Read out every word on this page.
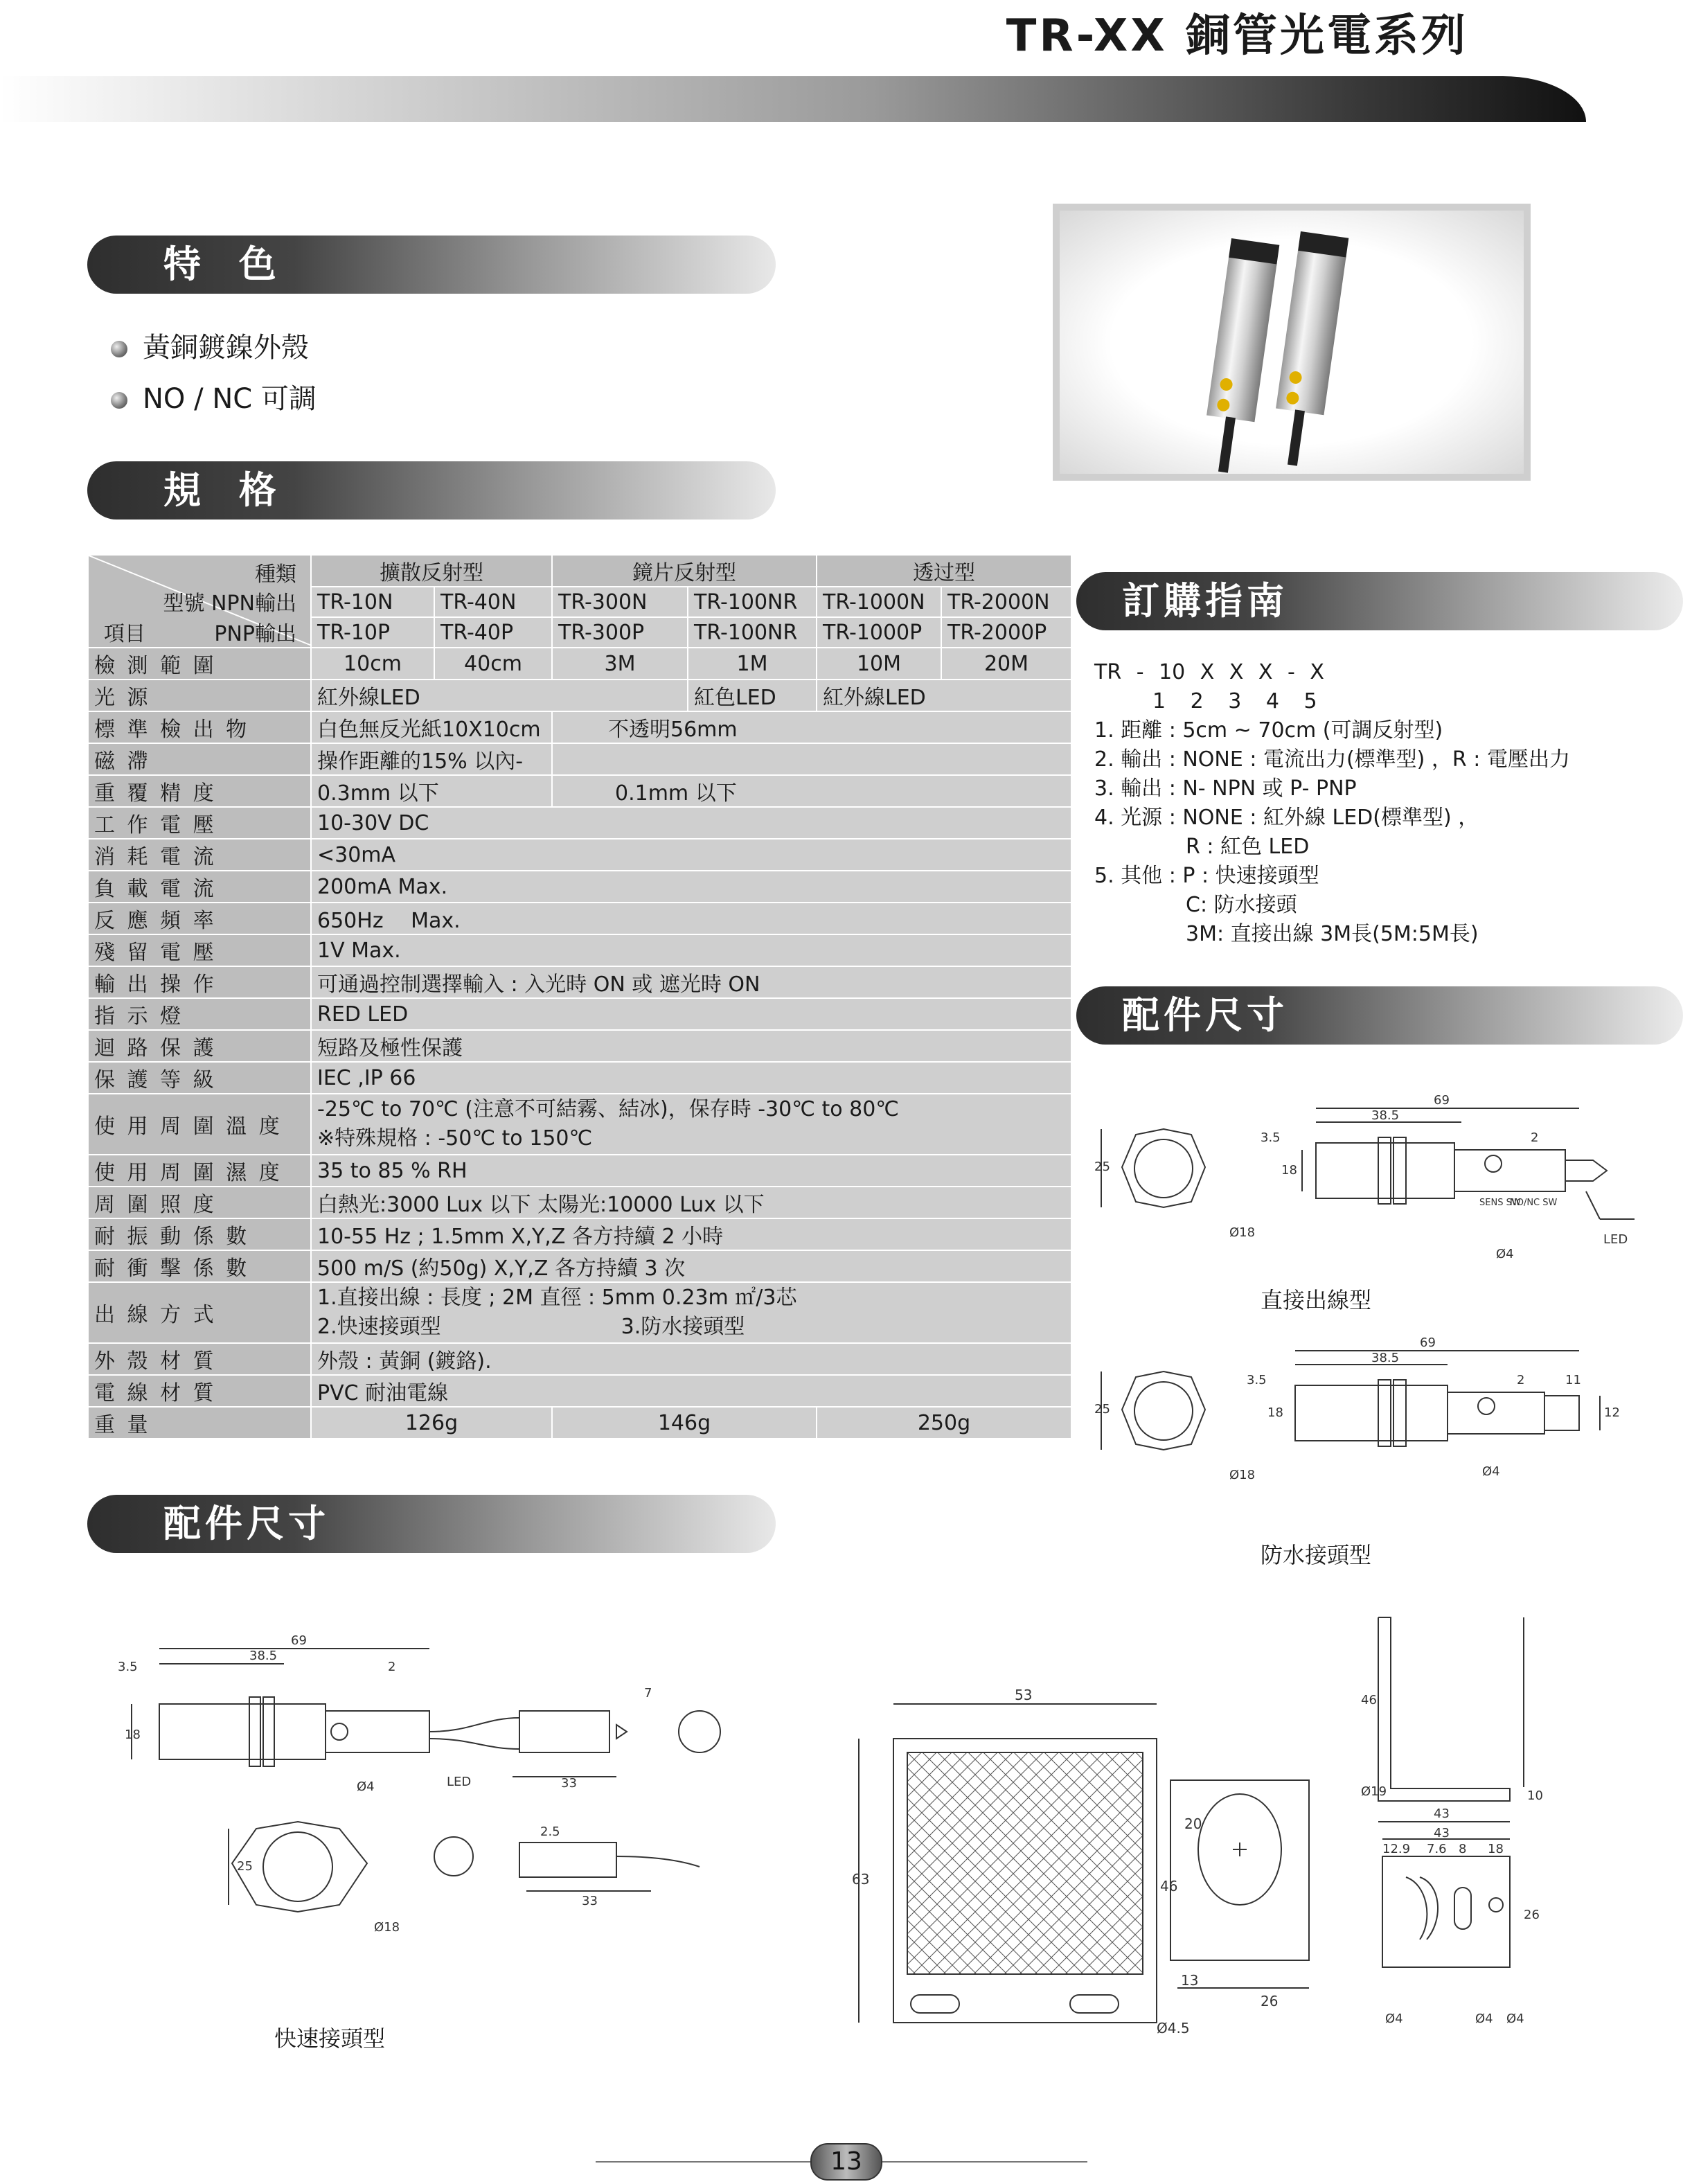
TR-XX 銅管光電系列
特 色
黃銅鍍鎳外殼
NO / NC 可調
規 格
種類
型號 NPN輸出
項目 PNP輸出	擴散反射型		鏡片反射型		透过型	
	TR-10N	TR-40N	TR-300N	TR-100NR	TR-1000N	TR-2000N
	TR-10P	TR-40P	TR-300P	TR-100NR	TR-1000P	TR-2000P
檢 測 範 圍	10cm	40cm	3M	1M	10M	20M
光 源	紅外線LED			紅色LED	紅外線LED	
標 準 檢 出 物	白色無反光紙10X10cm		不透明56mm			
磁 滯	操作距離的15% 以內-					
重 覆 精 度	0.3mm 以下		0.1mm 以下			
工 作 電 壓	10-30V DC					
消 耗 電 流	<30mA					
負 載 電 流	200mA Max.					
反 應 頻 率	650Hz　 Max.					
殘 留 電 壓	1V Max.					
輸 出 操 作	可通過控制選擇輸入 : 入光時 ON 或 遮光時 ON					
指 示 燈	RED LED					
迴 路 保 護	短路及極性保護					
保 護 等 級	IEC ,IP 66					
使 用 周 圍 溫 度	-25℃ to 70℃ (注意不可結霧、結冰)，保存時 -30℃ to 80℃
※特殊規格 : -50℃ to 150℃					

使 用 周 圍 濕 度	35 to 85 % RH					
周 圍 照 度	白熱光:3000 Lux 以下 太陽光:10000 Lux 以下					
耐 振 動 係 數	10-55 Hz ; 1.5mm X,Y,Z 各方持續 2 小時					
耐 衝 擊 係 數	500 m/S (約50g) X,Y,Z 各方持續 3 次					
出 線 方 式	1.直接出線 : 長度 ; 2M 直徑 : 5mm 0.23m ㎡/3芯
2.快速接頭型 3.防水接頭型					

外 殼 材 質	外殼 : 黃銅 (鍍鉻).					
電 線 材 質	PVC 耐油電線					
重 量	126g		146g		250g	
訂購指南
TR - 10 X X X - X
1 2 3 4 5
1. 距離 : 5cm ~ 70cm (可調反射型)
2. 輸出 : NONE : 電流出力(標準型) ，R : 電壓出力
3. 輸出 : N- NPN 或 P- PNP
4. 光源 : NONE : 紅外線 LED(標準型) ，
R : 紅色 LED
5. 其他 : P : 快速接頭型
C: 防水接頭
3M: 直接出線 3M長(5M:5M長)
配件尺寸
69
38.5
3.5	2
25	18
Ø18
Ø4
LED
SENS SW
NO/NC SW
直接出線型
69
38.5
3.5	2	11
25	18	12
Ø18	Ø4
防水接頭型
配件尺寸
69
38.5
3.5	2
7
18
LED
Ø4	33
25
2.5
Ø18
33
快速接頭型
53
63	46
20
13
26
Ø4.5
46
Ø19
43
10
43
12.9 7.6 8 18
26
Ø4	Ø4 Ø4
13
